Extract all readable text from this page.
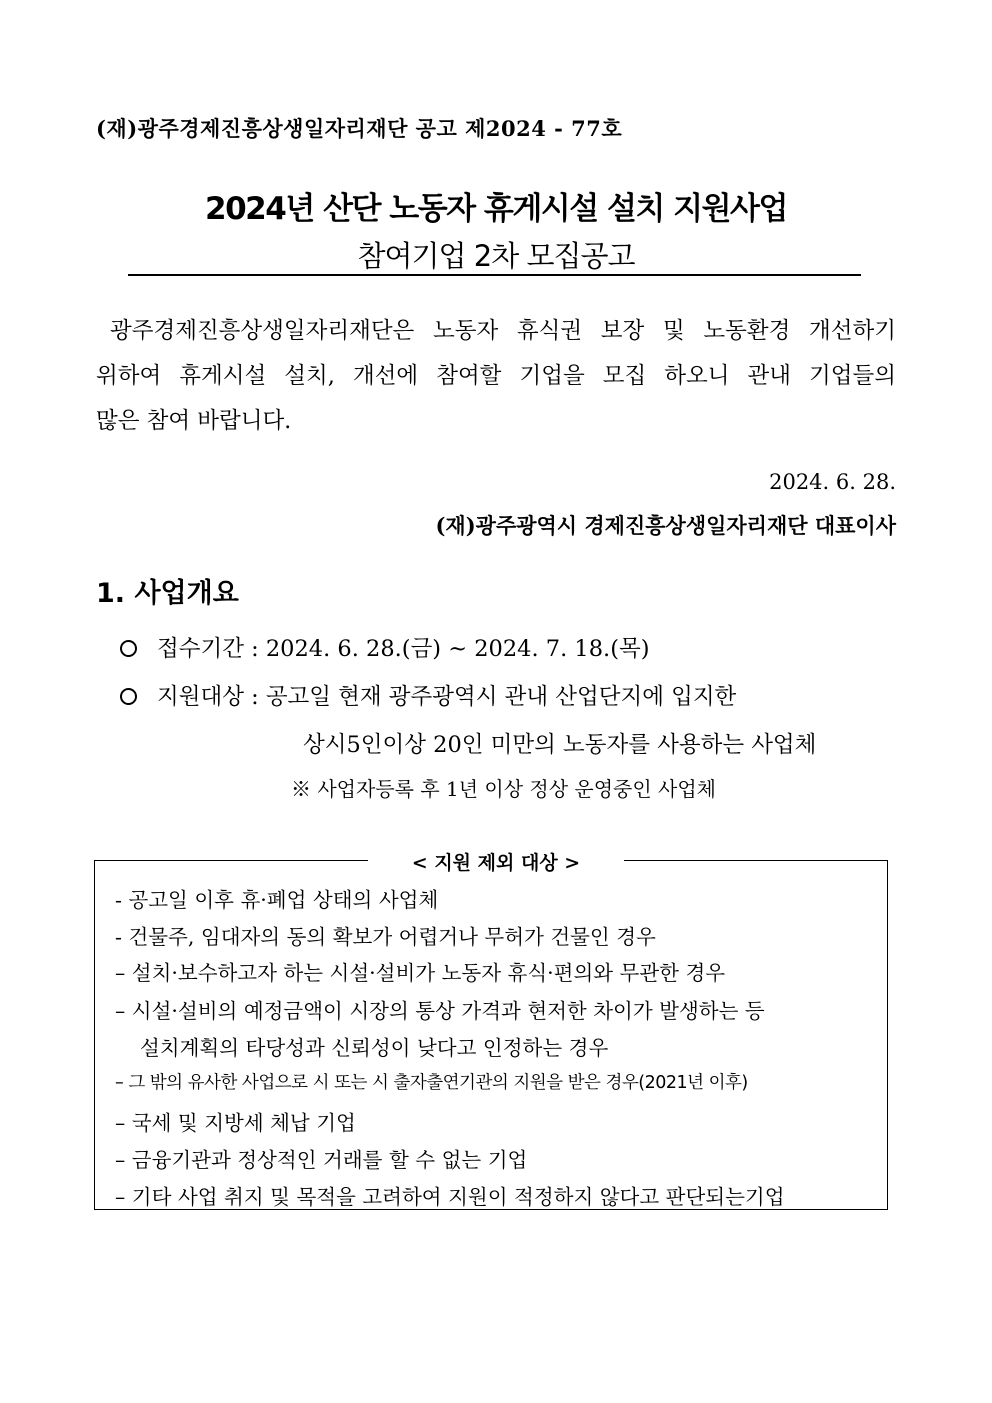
(재)광주경제진흥상생일자리재단 공고 제2024 - 77호
2024년 산단 노동자 휴게시설 설치 지원사업
참여기업 2차 모집공고
광주경제진흥상생일자리재단은 노동자 휴식권 보장 및 노동환경 개선하기
위하여 휴게시설 설치, 개선에 참여할 기업을 모집 하오니 관내 기업들의
많은 참여 바랍니다.
2024. 6. 28.
(재)광주광역시 경제진흥상생일자리재단 대표이사
1. 사업개요
접수기간 : 2024. 6. 28.(금) ~ 2024. 7. 18.(목)
지원대상 : 공고일 현재 광주광역시 관내 산업단지에 입지한
상시5인이상 20인 미만의 노동자를 사용하는 사업체
※ 사업자등록 후 1년 이상 정상 운영중인 사업체
< 지원 제외 대상 >
- 공고일 이후 휴·폐업 상태의 사업체
- 건물주, 임대자의 동의 확보가 어렵거나 무허가 건물인 경우
– 설치·보수하고자 하는 시설·설비가 노동자 휴식·편의와 무관한 경우
– 시설·설비의 예정금액이 시장의 통상 가격과 현저한 차이가 발생하는 등
설치계획의 타당성과 신뢰성이 낮다고 인정하는 경우
– 그 밖의 유사한 사업으로 시 또는 시 출자출연기관의 지원을 받은 경우(2021년 이후)
– 국세 및 지방세 체납 기업
– 금융기관과 정상적인 거래를 할 수 없는 기업
– 기타 사업 취지 및 목적을 고려하여 지원이 적정하지 않다고 판단되는기업
